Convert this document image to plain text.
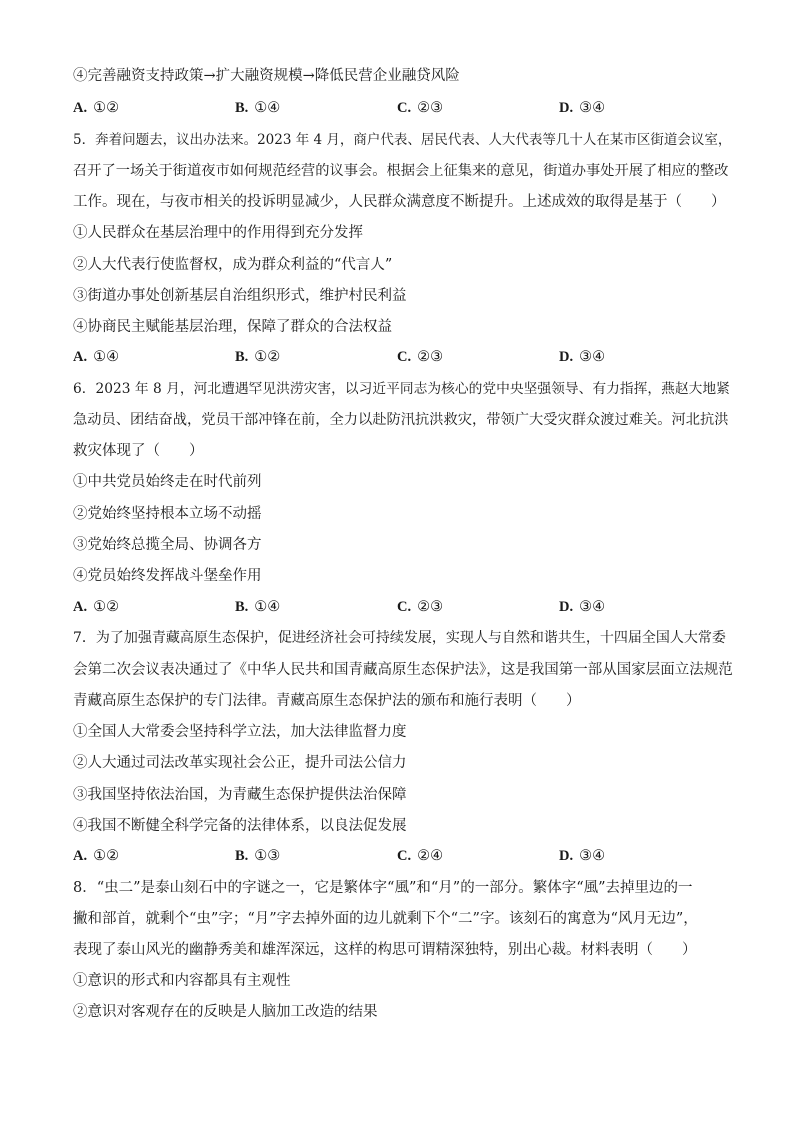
④完善融资支持政策→扩大融资规模→降低民营企业融贷风险
A. ①②	B. ①④	C. ②③	D. ③④
5．奔着问题去，议出办法来。2023 年 4 月，商户代表、居民代表、人大代表等几十人在某市区街道会议室，
召开了一场关于街道夜市如何规范经营的议事会。根据会上征集来的意见，街道办事处开展了相应的整改
工作。现在，与夜市相关的投诉明显减少，人民群众满意度不断提升。上述成效的取得是基于（　　）
①人民群众在基层治理中的作用得到充分发挥
②人大代表行使监督权，成为群众利益的“代言人”
③街道办事处创新基层自治组织形式，维护村民利益
④协商民主赋能基层治理，保障了群众的合法权益
A. ①④	B. ①②	C. ②③	D. ③④
6．2023 年 8 月，河北遭遇罕见洪涝灾害，以习近平同志为核心的党中央坚强领导、有力指挥，燕赵大地紧
急动员、团结奋战，党员干部冲锋在前，全力以赴防汛抗洪救灾，带领广大受灾群众渡过难关。河北抗洪
救灾体现了（　　）
①中共党员始终走在时代前列
②党始终坚持根本立场不动摇
③党始终总揽全局、协调各方
④党员始终发挥战斗堡垒作用
A. ①②	B. ①④	C. ②③	D. ③④
7．为了加强青藏高原生态保护，促进经济社会可持续发展，实现人与自然和谐共生，十四届全国人大常委
会第二次会议表决通过了《中华人民共和国青藏高原生态保护法》，这是我国第一部从国家层面立法规范
青藏高原生态保护的专门法律。青藏高原生态保护法的颁布和施行表明（　　）
①全国人大常委会坚持科学立法，加大法律监督力度
②人大通过司法改革实现社会公正，提升司法公信力
③我国坚持依法治国，为青藏生态保护提供法治保障
④我国不断健全科学完备的法律体系，以良法促发展
A. ①②	B. ①③	C. ②④	D. ③④
8．“虫二”是泰山刻石中的字谜之一，它是繁体字“風”和“月”的一部分。繁体字“風”去掉里边的一
撇和部首，就剩个“虫”字；“月”字去掉外面的边儿就剩下个“二”字。该刻石的寓意为“风月无边”，
表现了泰山风光的幽静秀美和雄浑深远，这样的构思可谓精深独特，别出心裁。材料表明（　　）
①意识的形式和内容都具有主观性
②意识对客观存在的反映是人脑加工改造的结果
